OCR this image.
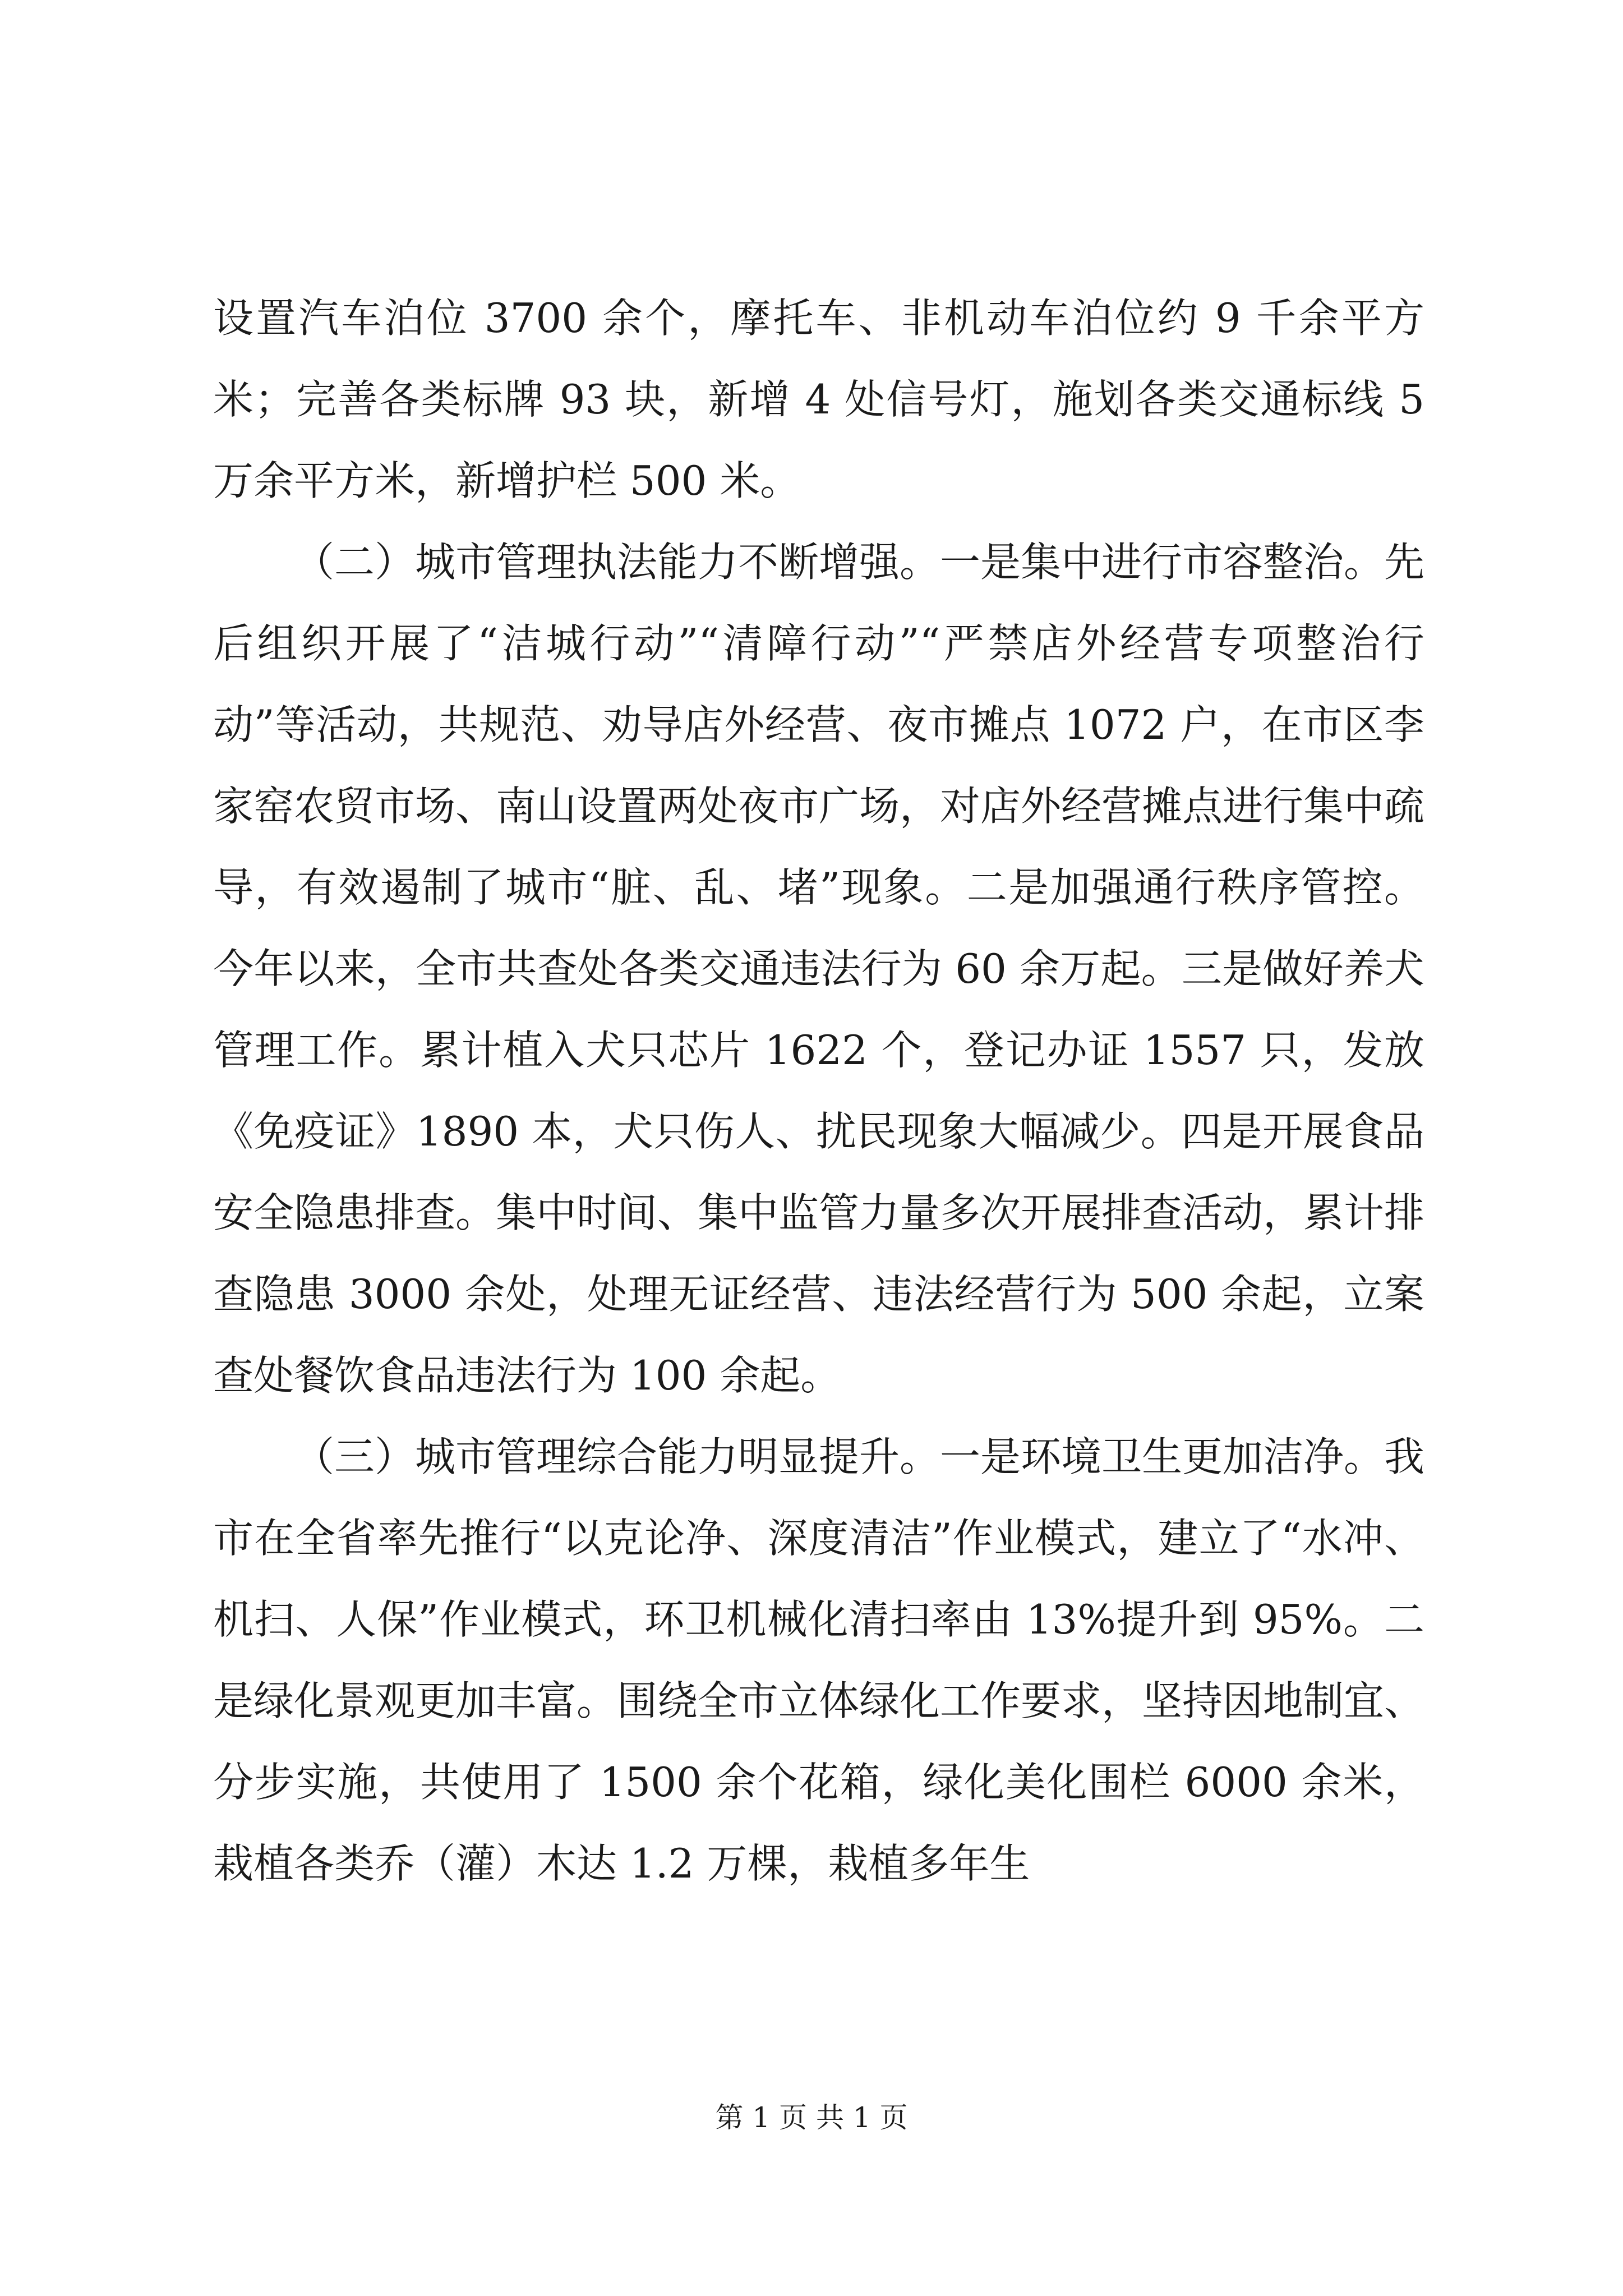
设置汽车泊位 3700 余个，摩托车、非机动车泊位约 9 千余平方米；完善各类标牌 93 块，新增 4 处信号灯，施划各类交通标线 5 万余平方米，新增护栏 500 米。

（二）城市管理执法能力不断增强。一是集中进行市容整治。先后组织开展了“洁城行动”“清障行动”“严禁店外经营专项整治行动”等活动，共规范、劝导店外经营、夜市摊点 1072 户，在市区李家窑农贸市场、南山设置两处夜市广场，对店外经营摊点进行集中疏导，有效遏制了城市“脏、乱、堵”现象。二是加强通行秩序管控。今年以来，全市共查处各类交通违法行为 60 余万起。三是做好养犬管理工作。累计植入犬只芯片 1622 个，登记办证 1557 只，发放《免疫证》1890 本，犬只伤人、扰民现象大幅减少。四是开展食品安全隐患排查。集中时间、集中监管力量多次开展排查活动，累计排查隐患 3000 余处，处理无证经营、违法经营行为 500 余起，立案查处餐饮食品违法行为 100 余起。

（三）城市管理综合能力明显提升。一是环境卫生更加洁净。我市在全省率先推行“以克论净、深度清洁”作业模式，建立了“水冲、机扫、人保”作业模式，环卫机械化清扫率由 13%提升到 95%。二是绿化景观更加丰富。围绕全市立体绿化工作要求，坚持因地制宜、分步实施，共使用了 1500 余个花箱，绿化美化围栏 6000 余米，栽植各类乔（灌）木达 1.2 万棵，栽植多年生

第 1 页 共 1 页
